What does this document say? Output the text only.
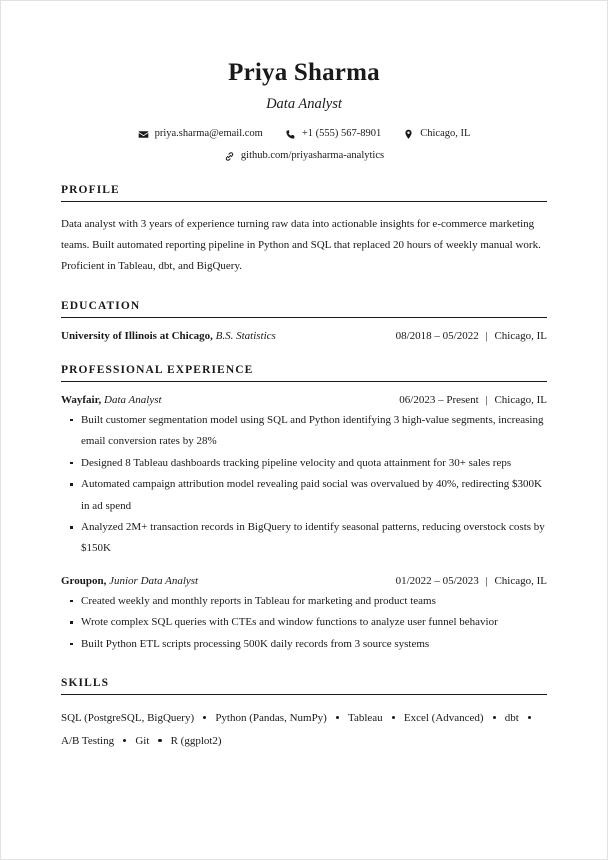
Priya Sharma
Data Analyst
priya.sharma@email.com	+1 (555) 567-8901	Chicago, IL
github.com/priyasharma-analytics
PROFILE

Data analyst with 3 years of experience turning raw data into actionable insights for e-commerce marketing teams. Built automated reporting pipeline in Python and SQL that replaced 20 hours of weekly manual work. Proficient in Tableau, dbt, and BigQuery.

EDUCATION
University of Illinois at Chicago, B.S. Statistics	08/2018 – 05/2022 | Chicago, IL
PROFESSIONAL EXPERIENCE
Wayfair, Data Analyst	06/2023 – Present | Chicago, IL
Built customer segmentation model using SQL and Python identifying 3 high-value segments, increasing email conversion rates by 28%
Designed 8 Tableau dashboards tracking pipeline velocity and quota attainment for 30+ sales reps
Automated campaign attribution model revealing paid social was overvalued by 40%, redirecting $300K in ad spend
Analyzed 2M+ transaction records in BigQuery to identify seasonal patterns, reducing overstock costs by $150K
Groupon, Junior Data Analyst	01/2022 – 05/2023 | Chicago, IL
Created weekly and monthly reports in Tableau for marketing and product teams
Wrote complex SQL queries with CTEs and window functions to analyze user funnel behavior
Built Python ETL scripts processing 500K daily records from 3 source systems
SKILLS
SQL (PostgreSQL, BigQuery) Python (Pandas, NumPy) Tableau Excel (Advanced) dbtA/B Testing Git R (ggplot2)
